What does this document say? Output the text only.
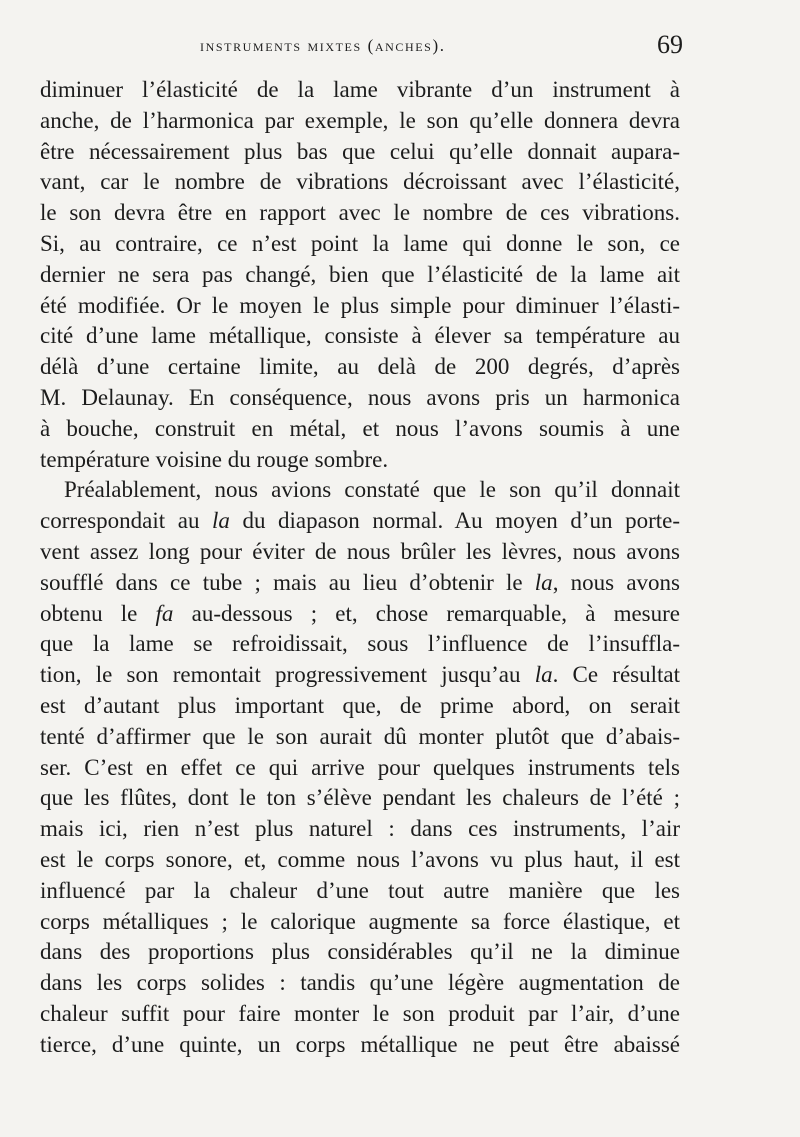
instruments mixtes (anches).	69
diminuer l’élasticité de la lame vibrante d’un instrument à
anche, de l’harmonica par exemple, le son qu’elle donnera devra
être nécessairement plus bas que celui qu’elle donnait aupara-
vant, car le nombre de vibrations décroissant avec l’élasticité,
le son devra être en rapport avec le nombre de ces vibrations.
Si, au contraire, ce n’est point la lame qui donne le son, ce
dernier ne sera pas changé, bien que l’élasticité de la lame ait
été modifiée. Or le moyen le plus simple pour diminuer l’élasti-
cité d’une lame métallique, consiste à élever sa température au
délà d’une certaine limite, au delà de 200 degrés, d’après
M. Delaunay. En conséquence, nous avons pris un harmonica
à bouche, construit en métal, et nous l’avons soumis à une
température voisine du rouge sombre.
Préalablement, nous avions constaté que le son qu’il donnait
correspondait au la du diapason normal. Au moyen d’un porte-
vent assez long pour éviter de nous brûler les lèvres, nous avons
soufflé dans ce tube ; mais au lieu d’obtenir le la, nous avons
obtenu le fa au-dessous ; et, chose remarquable, à mesure
que la lame se refroidissait, sous l’influence de l’insuffla-
tion, le son remontait progressivement jusqu’au la. Ce résultat
est d’autant plus important que, de prime abord, on serait
tenté d’affirmer que le son aurait dû monter plutôt que d’abais-
ser. C’est en effet ce qui arrive pour quelques instruments tels
que les flûtes, dont le ton s’élève pendant les chaleurs de l’été ;
mais ici, rien n’est plus naturel : dans ces instruments, l’air
est le corps sonore, et, comme nous l’avons vu plus haut, il est
influencé par la chaleur d’une tout autre manière que les
corps métalliques ; le calorique augmente sa force élastique, et
dans des proportions plus considérables qu’il ne la diminue
dans les corps solides : tandis qu’une légère augmentation de
chaleur suffit pour faire monter le son produit par l’air, d’une
tierce, d’une quinte, un corps métallique ne peut être abaissé
